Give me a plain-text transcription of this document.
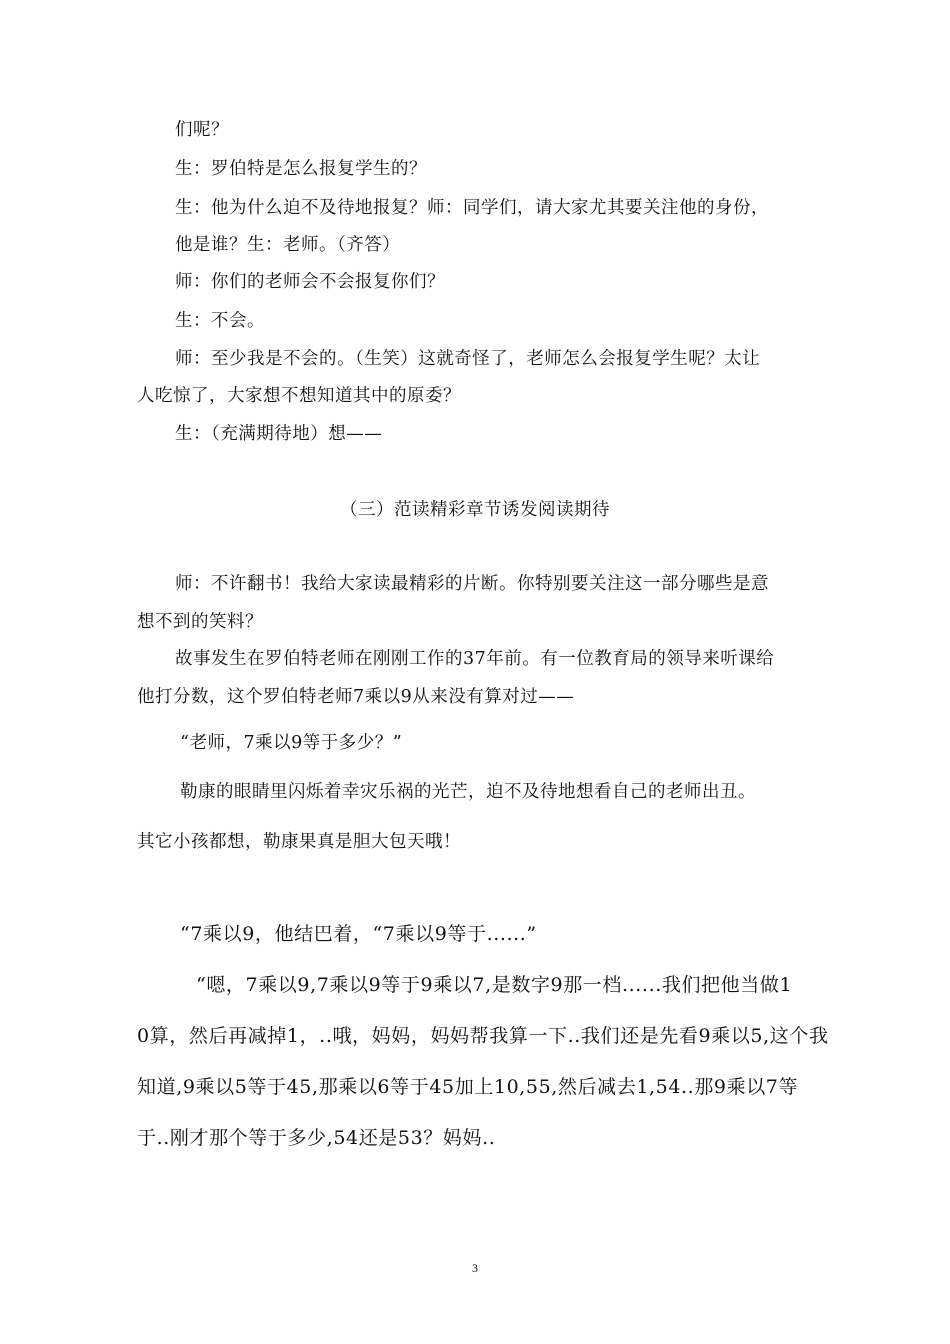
们呢？
生：罗伯特是怎么报复学生的？
生：他为什么迫不及待地报复？师：同学们，请大家尤其要关注他的身份，
他是谁？生：老师。（齐答）
师：你们的老师会不会报复你们？
生：不会。
师：至少我是不会的。（生笑）这就奇怪了，老师怎么会报复学生呢？太让
人吃惊了，大家想不想知道其中的原委？
生：（充满期待地）想——
（三）范读精彩章节诱发阅读期待
师：不许翻书！我给大家读最精彩的片断。你特别要关注这一部分哪些是意
想不到的笑料？
故事发生在罗伯特老师在刚刚工作的37年前。有一位教育局的领导来听课给
他打分数，这个罗伯特老师7乘以9从来没有算对过——
“老师，7乘以9等于多少？”
勒康的眼睛里闪烁着幸灾乐祸的光芒，迫不及待地想看自己的老师出丑。
其它小孩都想，勒康果真是胆大包天哦！
“7乘以9，他结巴着，“7乘以9等于......”
“嗯，7乘以9,7乘以9等于9乘以7,是数字9那一档......我们把他当做1
0算，然后再减掉1，..哦，妈妈，妈妈帮我算一下..我们还是先看9乘以5,这个我
知道,9乘以5等于45,那乘以6等于45加上10,55,然后减去1,54..那9乘以7等
于..刚才那个等于多少,54还是53？妈妈..
3
